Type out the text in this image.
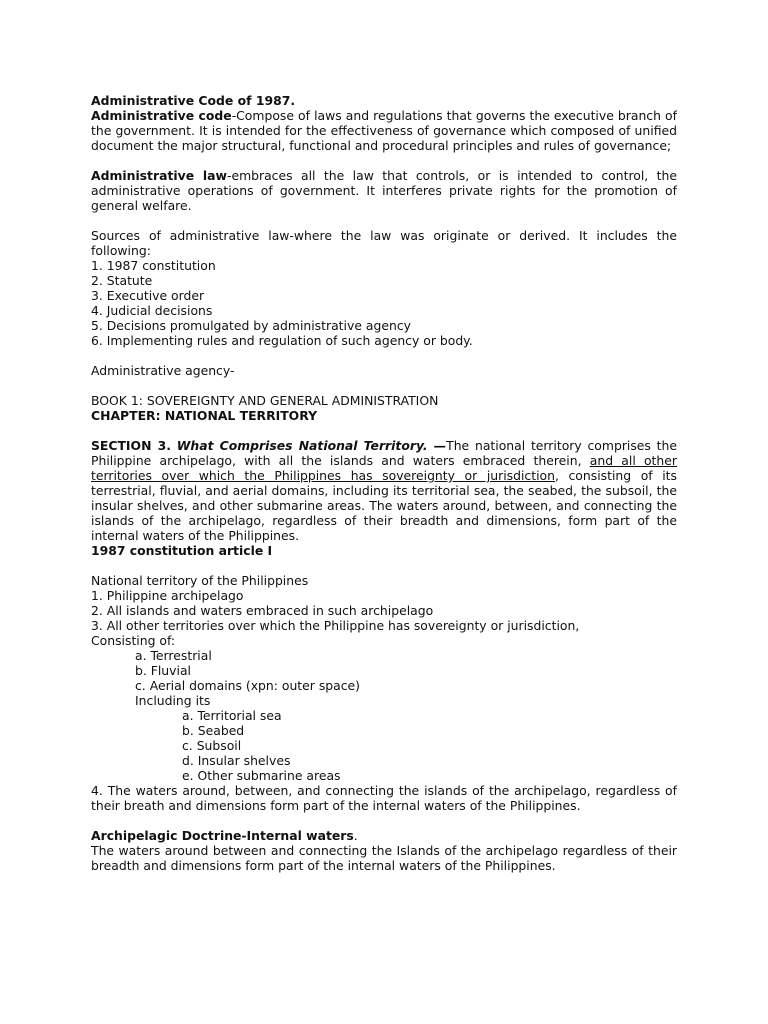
Administrative Code of 1987.

Administrative code-Compose of laws and regulations that governs the executive branch of the government. It is intended for the effectiveness of governance which composed of unified document the major structural, functional and procedural principles and rules of governance;

Administrative law-embraces all the law that controls, or is intended to control, the administrative operations of government. It interferes private rights for the promotion of general welfare.

Sources of administrative law-where the law was originate or derived. It includes the following:

1. 1987 constitution

2. Statute

3. Executive order

4. Judicial decisions

5. Decisions promulgated by administrative agency

6. Implementing rules and regulation of such agency or body.

Administrative agency-

BOOK 1: SOVEREIGNTY AND GENERAL ADMINISTRATION

CHAPTER: NATIONAL TERRITORY

SECTION 3. What Comprises National Territory. —The national territory comprises the Philippine archipelago, with all the islands and waters embraced therein, and all other territories over which the Philippines has sovereignty or jurisdiction, consisting of its terrestrial, fluvial, and aerial domains, including its territorial sea, the seabed, the subsoil, the insular shelves, and other submarine areas. The waters around, between, and connecting the islands of the archipelago, regardless of their breadth and dimensions, form part of the internal waters of the Philippines.

1987 constitution article I

National territory of the Philippines

1. Philippine archipelago

2. All islands and waters embraced in such archipelago

3. All other territories over which the Philippine has sovereignty or jurisdiction,

Consisting of:

a. Terrestrial

b. Fluvial

c. Aerial domains (xpn: outer space)

Including its

a. Territorial sea

b. Seabed

c. Subsoil

d. Insular shelves

e. Other submarine areas

4. The waters around, between, and connecting the islands of the archipelago, regardless of their breath and dimensions form part of the internal waters of the Philippines.

Archipelagic Doctrine-Internal waters.

The waters around between and connecting the Islands of the archipelago regardless of their breadth and dimensions form part of the internal waters of the Philippines.
